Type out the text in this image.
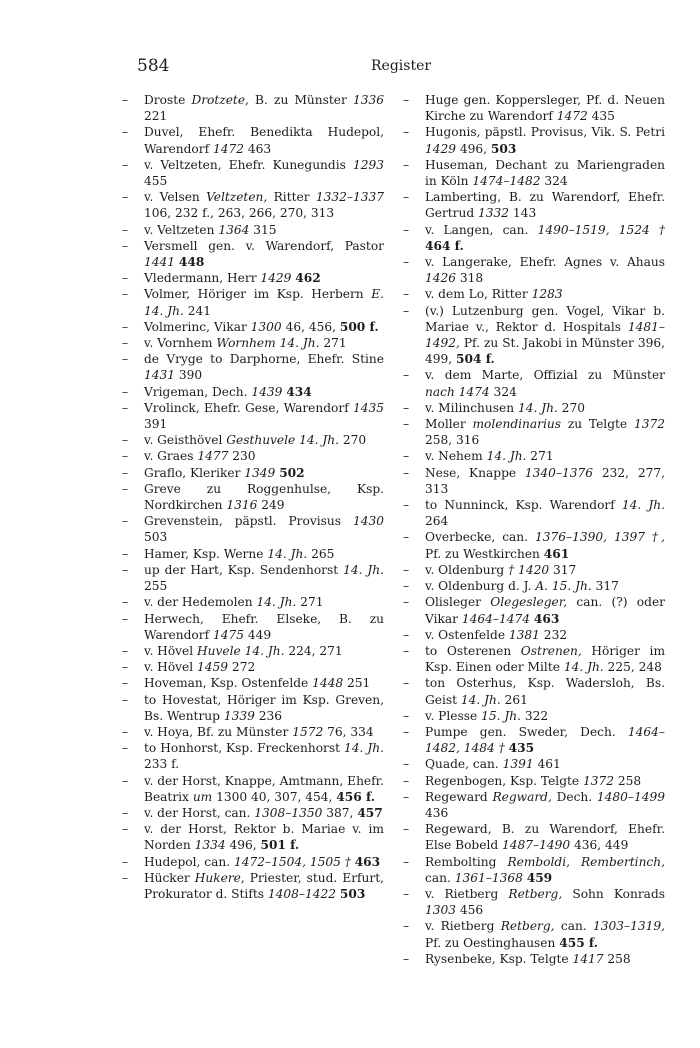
584	Register

– Droste Drotzete, B. zu Münster 1336 221

– Duvel, Ehefr. Benedikta Hudepol, Warendorf 1472 463

– v. Veltzeten, Ehefr. Kunegundis 1293 455

– v. Velsen Veltzeten, Ritter 1332–1337 106, 232 f., 263, 266, 270, 313

– v. Veltzeten 1364 315

– Versmell gen. v. Warendorf, Pastor 1441 448

– Vledermann, Herr 1429 462

– Volmer, Höriger im Ksp. Herbern E. 14. Jh. 241

– Volmerinc, Vikar 1300 46, 456, 500 f.

– v. Vornhem Wornhem 14. Jh. 271

– de Vryge to Darphorne, Ehefr. Stine 1431 390

– Vrigeman, Dech. 1439 434

– Vrolinck, Ehefr. Gese, Warendorf 1435 391

– v. Geisthövel Gesthuvele 14. Jh. 270

– v. Graes 1477 230

– Graflo, Kleriker 1349 502

– Greve zu Roggenhulse, Ksp. Nordkirchen 1316 249

– Grevenstein, päpstl. Provisus 1430 503

– Hamer, Ksp. Werne 14. Jh. 265

– up der Hart, Ksp. Sendenhorst 14. Jh. 255

– v. der Hedemolen 14. Jh. 271

– Herwech, Ehefr. Elseke, B. zu Warendorf 1475 449

– v. Hövel Huvele 14. Jh. 224, 271

– v. Hövel 1459 272

– Hoveman, Ksp. Ostenfelde 1448 251

– to Hovestat, Höriger im Ksp. Greven, Bs. Wentrup 1339 236

– v. Hoya, Bf. zu Münster 1572 76, 334

– to Honhorst, Ksp. Freckenhorst 14. Jh. 233 f.

– v. der Horst, Knappe, Amtmann, Ehefr. Beatrix um 1300 40, 307, 454, 456 f.

– v. der Horst, can. 1308–1350 387, 457

– v. der Horst, Rektor b. Mariae v. im Norden 1334 496, 501 f.

– Hudepol, can. 1472–1504, 1505 † 463

– Hücker Hukere, Priester, stud. Erfurt, Prokurator d. Stifts 1408–1422 503

– Huge gen. Koppersleger, Pf. d. Neuen Kirche zu Warendorf 1472 435

– Hugonis, päpstl. Provisus, Vik. S. Petri 1429 496, 503

– Huseman, Dechant zu Mariengraden in Köln 1474–1482 324

– Lamberting, B. zu Warendorf, Ehefr. Gertrud 1332 143

– v. Langen, can. 1490–1519, 1524 † 464 f.

– v. Langerake, Ehefr. Agnes v. Ahaus 1426 318

– v. dem Lo, Ritter 1283

– (v.) Lutzenburg gen. Vogel, Vikar b. Mariae v., Rektor d. Hospitals 1481–1492, Pf. zu St. Jakobi in Münster 396, 499, 504 f.

– v. dem Marte, Offizial zu Münster nach 1474 324

– v. Milinchusen 14. Jh. 270

– Moller molendinarius zu Telgte 1372 258, 316

– v. Nehem 14. Jh. 271

– Nese, Knappe 1340–1376 232, 277, 313

– to Nunninck, Ksp. Warendorf 14. Jh. 264

– Overbecke, can. 1376–1390, 1397 †, Pf. zu Westkirchen 461

– v. Oldenburg † 1420 317

– v. Oldenburg d. J. A. 15. Jh. 317

– Olisleger Olegesleger, can. (?) oder Vikar 1464–1474 463

– v. Ostenfelde 1381 232

– to Osterenen Ostrenen, Höriger im Ksp. Einen oder Milte 14. Jh. 225, 248

– ton Osterhus, Ksp. Wadersloh, Bs. Geist 14. Jh. 261

– v. Plesse 15. Jh. 322

– Pumpe gen. Sweder, Dech. 1464–1482, 1484 † 435

– Quade, can. 1391 461

– Regenbogen, Ksp. Telgte 1372 258

– Regeward Regward, Dech. 1480–1499 436

– Regeward, B. zu Warendorf, Ehefr. Else Bobeld 1487–1490 436, 449

– Rembolting Remboldi, Rembertinch, can. 1361–1368 459

– v. Rietberg Retberg, Sohn Konrads 1303 456

– v. Rietberg Retberg, can. 1303–1319, Pf. zu Oestinghausen 455 f.

– Rysenbeke, Ksp. Telgte 1417 258
